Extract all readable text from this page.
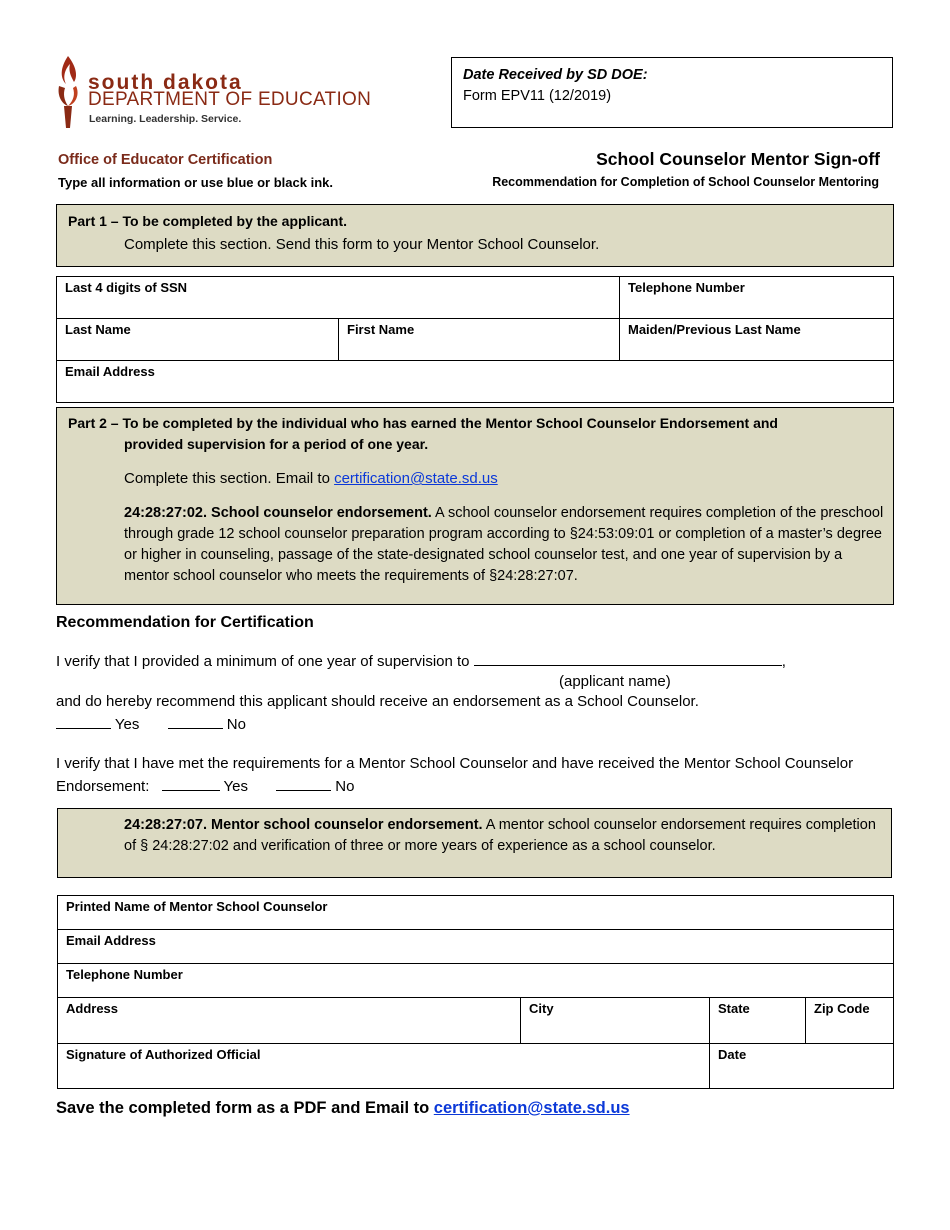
south dakota
DEPARTMENT OF EDUCATION
Learning. Leadership. Service.
Date Received by SD DOE:
Form EPV11 (12/2019)
Office of Educator Certification
Type all information or use blue or black ink.
School Counselor Mentor Sign-off
Recommendation for Completion of School Counselor Mentoring
Part 1 – To be completed by the applicant.
Complete this section. Send this form to your Mentor School Counselor.
Last 4 digits of SSN		Telephone Number

Last Name	First Name	Maiden/Previous Last Name

Email Address		
Part 2 – To be completed by the individual who has earned the Mentor School Counselor Endorsement and
provided supervision for a period of one year.
Complete this section. Email to certification@state.sd.us
24:28:27:02. School counselor endorsement. A school counselor endorsement requires completion of the preschool through grade 12 school counselor preparation program according to §24:53:09:01 or completion of a master’s degree or higher in counseling, passage of the state-designated school counselor test, and one year of supervision by a mentor school counselor who meets the requirements of §24:28:27:07.
Recommendation for Certification
I verify that I provided a minimum of one year of supervision to	,
(applicant name)
and do hereby recommend this applicant should receive an endorsement as a School Counselor.
Yes	No
I verify that I have met the requirements for a Mentor School Counselor and have received the Mentor School Counselor
Endorsement:	Yes	No
24:28:27:07. Mentor school counselor endorsement. A mentor school counselor endorsement requires completion of § 24:28:27:02 and verification of three or more years of experience as a school counselor.
Printed Name of Mentor School Counselor			

Email Address			

Telephone Number			

Address	City	State	Zip Code

Signature of Authorized Official		Date	
Save the completed form as a PDF and Email to certification@state.sd.us
